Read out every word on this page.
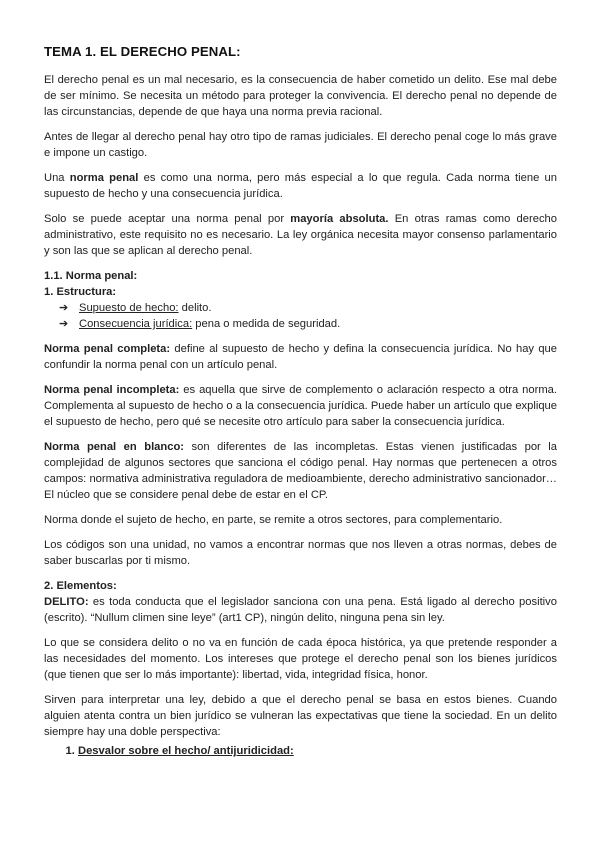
TEMA 1. EL DERECHO PENAL:

El derecho penal es un mal necesario, es la consecuencia de haber cometido un delito. Ese mal debe de ser mínimo. Se necesita un método para proteger la convivencia. El derecho penal no depende de las circunstancias, depende de que haya una norma previa racional.

Antes de llegar al derecho penal hay otro tipo de ramas judiciales. El derecho penal coge lo más grave e impone un castigo.

Una norma penal es como una norma, pero más especial a lo que regula. Cada norma tiene un supuesto de hecho y una consecuencia jurídica.

Solo se puede aceptar una norma penal por mayoría absoluta. En otras ramas como derecho administrativo, este requisito no es necesario. La ley orgánica necesita mayor consenso parlamentario y son las que se aplican al derecho penal.

1.1. Norma penal:
1. Estructura:
➔ Supuesto de hecho: delito.
➔ Consecuencia jurídica: pena o medida de seguridad.

Norma penal completa: define al supuesto de hecho y defina la consecuencia jurídica. No hay que confundir la norma penal con un artículo penal.

Norma penal incompleta: es aquella que sirve de complemento o aclaración respecto a otra norma. Complementa al supuesto de hecho o a la consecuencia jurídica. Puede haber un artículo que explique el supuesto de hecho, pero qué se necesite otro artículo para saber la consecuencia jurídica.

Norma penal en blanco: son diferentes de las incompletas. Estas vienen justificadas por la complejidad de algunos sectores que sanciona el código penal. Hay normas que pertenecen a otros campos: normativa administrativa reguladora de medioambiente, derecho administrativo sancionador… El núcleo que se considere penal debe de estar en el CP.

Norma donde el sujeto de hecho, en parte, se remite a otros sectores, para complementario.

Los códigos son una unidad, no vamos a encontrar normas que nos lleven a otras normas, debes de saber buscarlas por ti mismo.

2. Elementos:

DELITO: es toda conducta que el legislador sanciona con una pena. Está ligado al derecho positivo (escrito). “Nullum climen sine leye” (art1 CP), ningún delito, ninguna pena sin ley.

Lo que se considera delito o no va en función de cada época histórica, ya que pretende responder a las necesidades del momento. Los intereses que protege el derecho penal son los bienes jurídicos (que tienen que ser lo más importante): libertad, vida, integridad física, honor.

Sirven para interpretar una ley, debido a que el derecho penal se basa en estos bienes. Cuando alguien atenta contra un bien jurídico se vulneran las expectativas que tiene la sociedad. En un delito siempre hay una doble perspectiva:

1. Desvalor sobre el hecho/ antijuridicidad:
